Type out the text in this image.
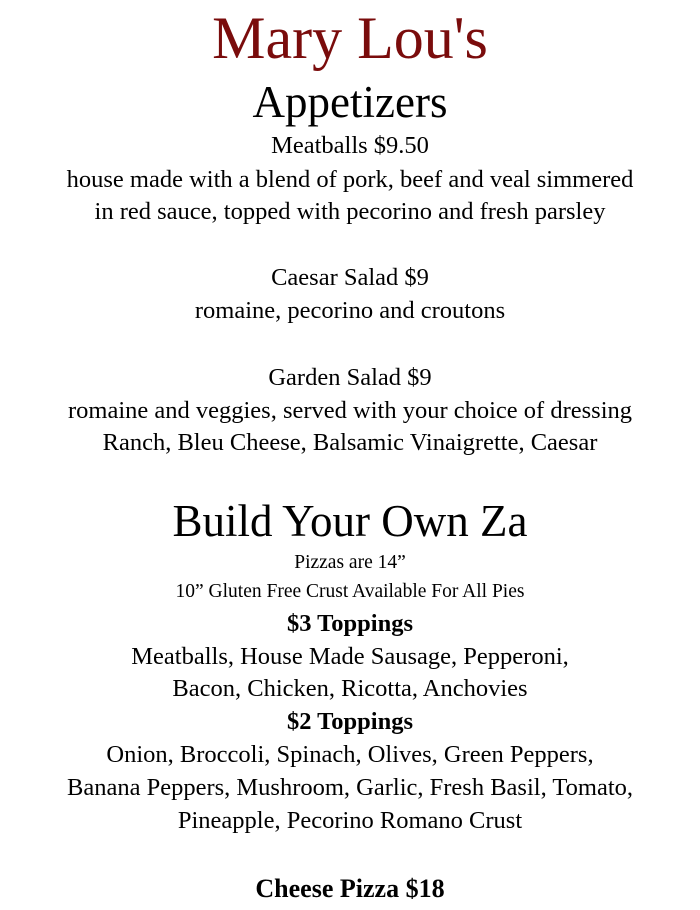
Mary Lou's
Appetizers
Meatballs $9.50
house made with a blend of pork, beef and veal simmered
in red sauce, topped with pecorino and fresh parsley
Caesar Salad $9
romaine, pecorino and croutons
Garden Salad $9
romaine and veggies, served with your choice of dressing
Ranch, Bleu Cheese, Balsamic Vinaigrette, Caesar
Build Your Own Za
Pizzas are 14”
10” Gluten Free Crust Available For All Pies
$3 Toppings
Meatballs, House Made Sausage, Pepperoni,
Bacon, Chicken, Ricotta, Anchovies
$2 Toppings
Onion, Broccoli, Spinach, Olives, Green Peppers,
Banana Peppers, Mushroom, Garlic, Fresh Basil, Tomato,
Pineapple, Pecorino Romano Crust
Cheese Pizza $18
